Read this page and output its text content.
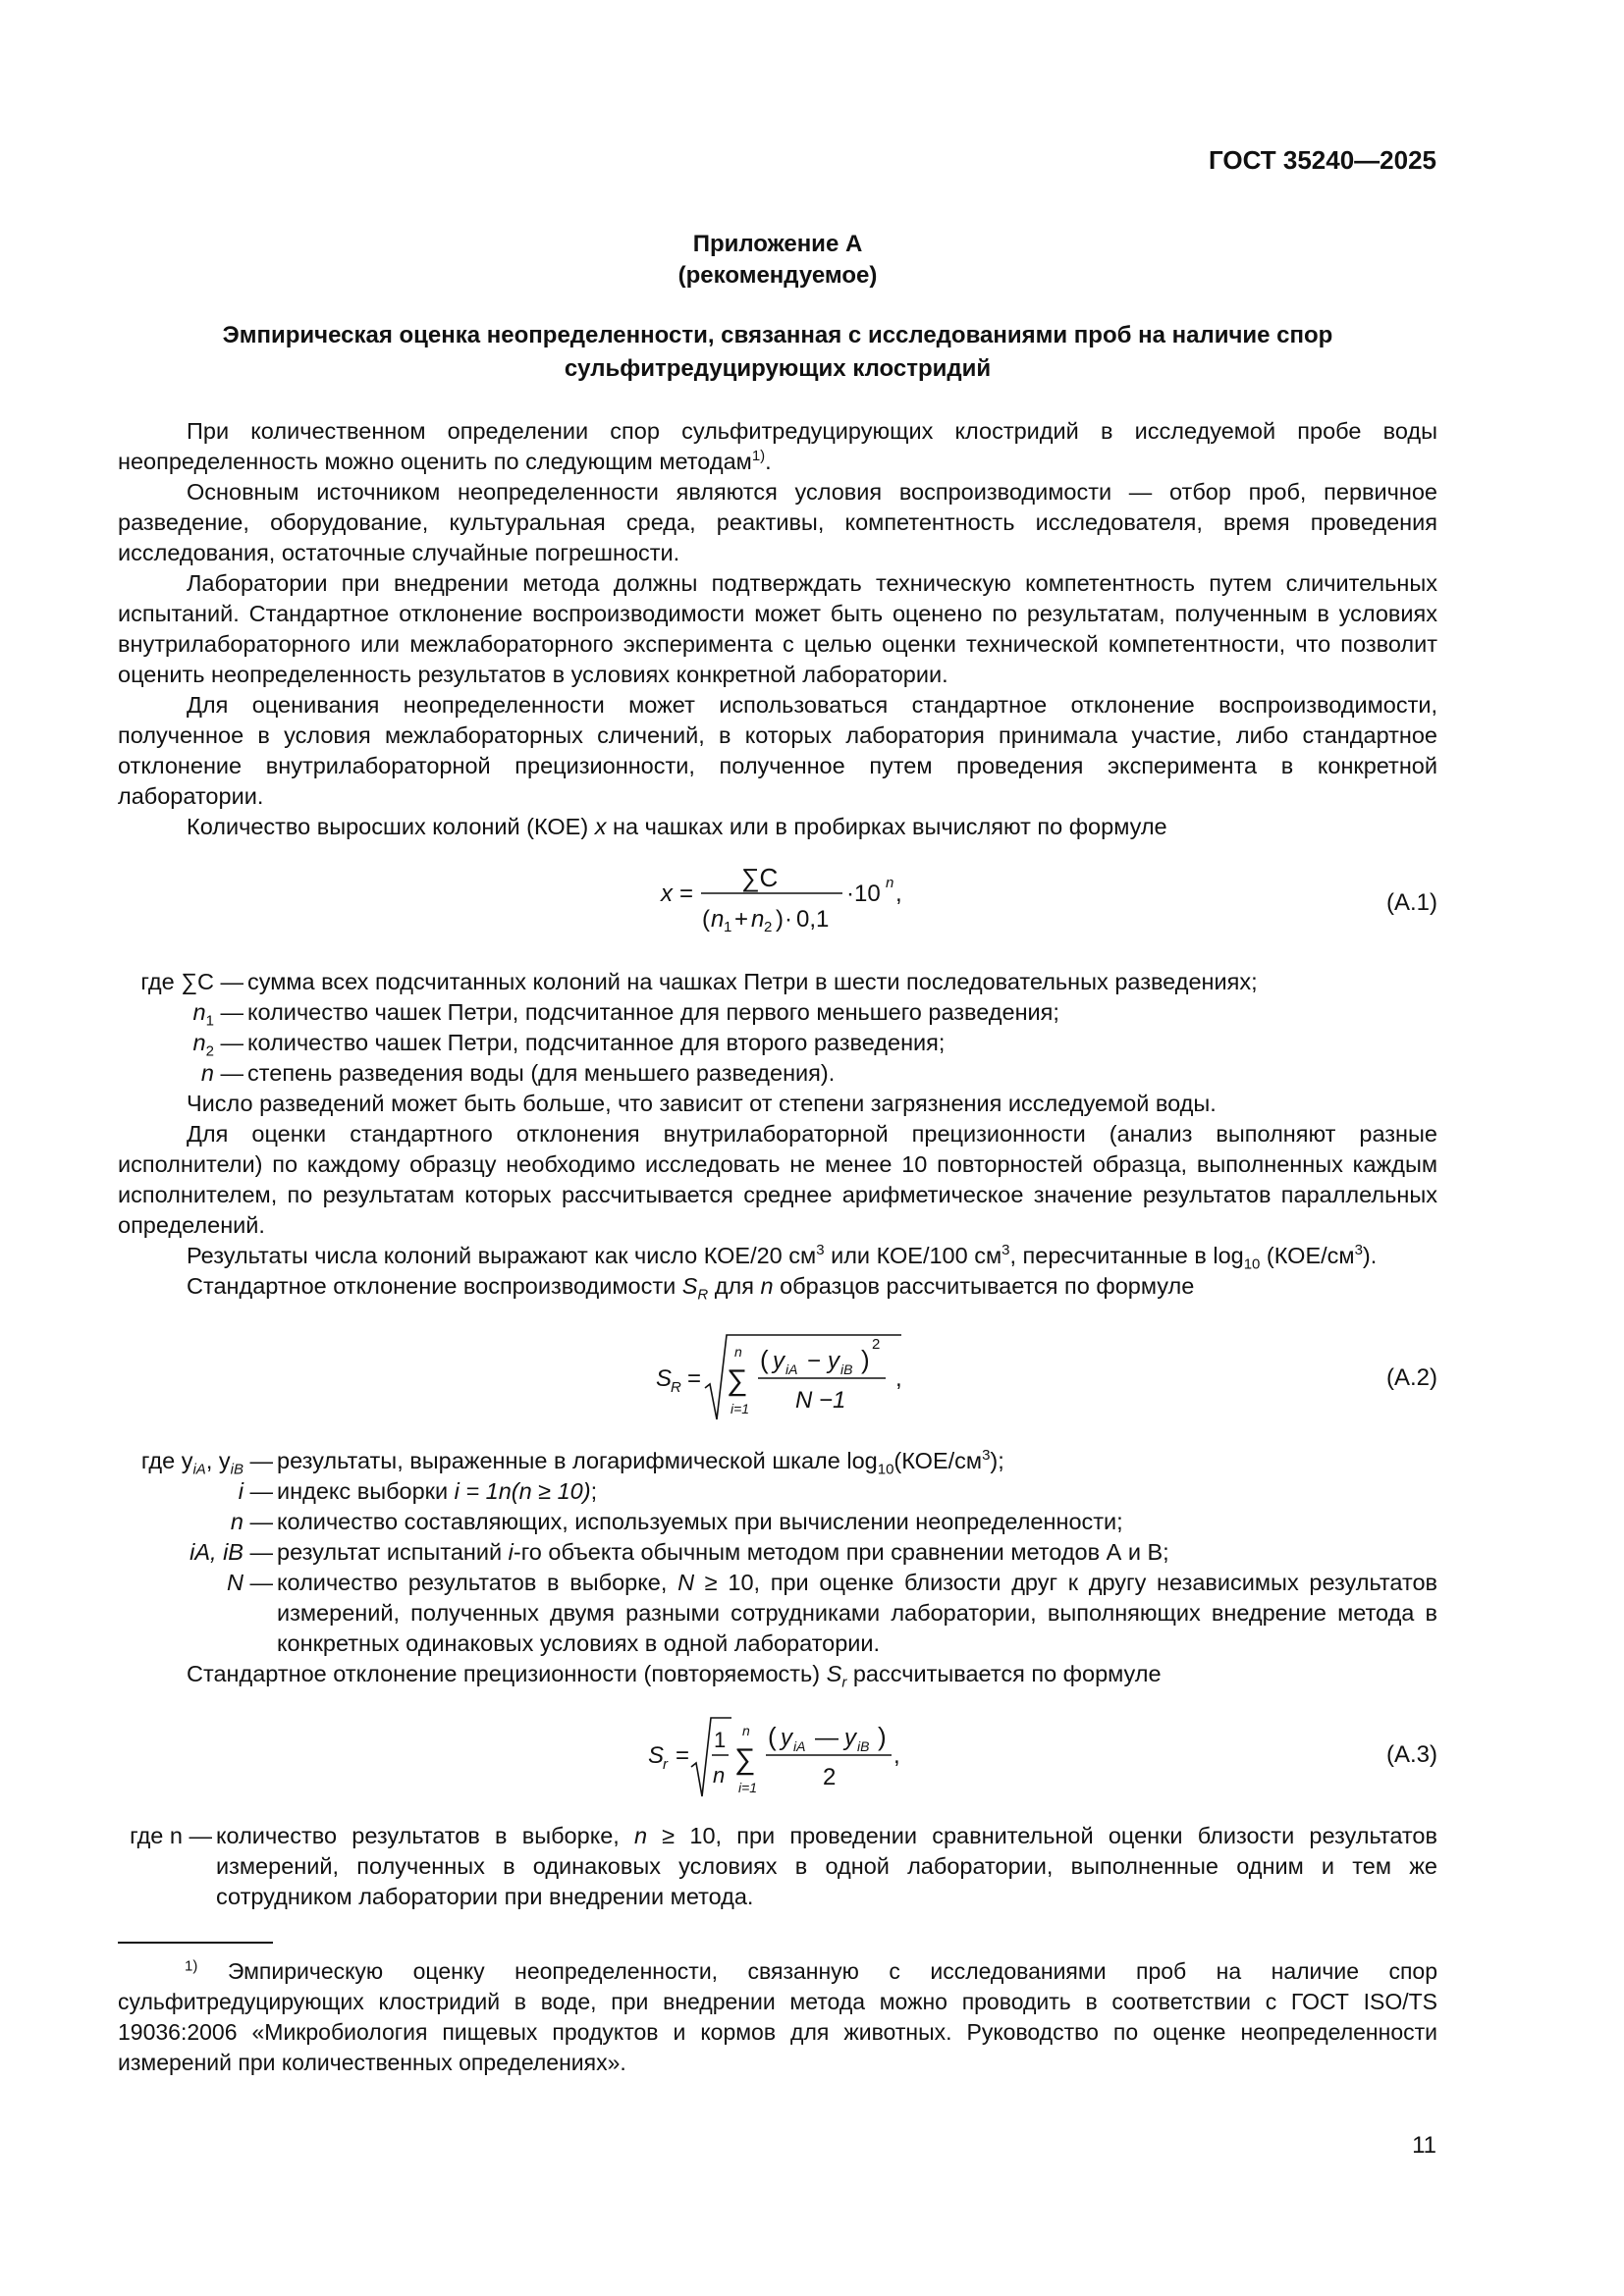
ГОСТ 35240—2025
Приложение А
(рекомендуемое)
Эмпирическая оценка неопределенности, связанная с исследованиями проб на наличие спор
сульфитредуцирующих клостридий

При количественном определении спор сульфитредуцирующих клостридий в исследуемой пробе воды неопределенность можно оценить по следующим методам$^{1)}$.

Основным источником неопределенности являются условия воспроизводимости — отбор проб, первичное разведение, оборудование, культуральная среда, реактивы, компетентность исследователя, время проведения исследования, остаточные случайные погрешности.

Лаборатории при внедрении метода должны подтверждать техническую компетентность путем сличительных испытаний. Стандартное отклонение воспроизводимости может быть оценено по результатам, полученным в условиях внутрилабораторного или межлабораторного эксперимента с целью оценки технической компетентности, что позволит оценить неопределенность результатов в условиях конкретной лаборатории.

Для оценивания неопределенности может использоваться стандартное отклонение воспроизводимости, полученное в условия межлабораторных сличений, в которых лаборатория принимала участие, либо стандартное отклонение внутрилабораторной прецизионности, полученное путем проведения эксперимента в конкретной лаборатории.

Количество выросших колоний (КОЕ) x на чашках или в пробирках вычисляют по формуле

x =
∑C
( n 1 + n 2 ) · 0,1
·10 n ,	(A.1)
где ∑C — сумма всех подсчитанных колоний на чашках Петри в шести последовательных разведениях;
$n_1$ — количество чашек Петри, подсчитанное для первого меньшего разведения;
$n_2$ — количество чашек Петри, подсчитанное для второго разведения;
n — степень разведения воды (для меньшего разведения).

Число разведений может быть больше, что зависит от степени загрязнения исследуемой воды.

Для оценки стандартного отклонения внутрилабораторной прецизионности (анализ выполняют разные исполнители) по каждому образцу необходимо исследовать не менее 10 повторностей образца, выполненных каждым исполнителем, по результатам которых рассчитывается среднее арифметическое значение результатов параллельных определений.

Результаты числа колоний выражают как число КОЕ/20 $см^3$ или КОЕ/100 $см^3$, пересчитанные в $\log_{10} (КОЕ/см^3)$.

Стандартное отклонение воспроизводимости $S_R$ для n образцов рассчитывается по формуле

S
R =
n
∑
i=1
( y iA − y iB )
2
N −1
,	(A.2)
где $y_{iA}$, $y_{iB}$ — результаты, выраженные в логарифмической шкале $\log_{10}(КОЕ/см^3)$;
i — индекс выборки i = 1n(n ≥ 10);
n — количество составляющих, используемых при вычислении неопределенности;
iA, iB — результат испытаний i-го объекта обычным методом при сравнении методов А и В;
N — количество результатов в выборке, N ≥ 10, при оценке близости друг к другу независимых результатов измерений, полученных двумя разными сотрудниками лаборатории, выполняющих внедрение метода в конкретных одинаковых условиях в одной лаборатории.

Стандартное отклонение прецизионности (повторяемость) $S_r$ рассчитывается по формуле

S
r =
1
n
n
∑
i=1
( y iA — y iB )
2
,	(A.3)
где n — количество результатов в выборке, n ≥ 10, при проведении сравнительной оценки близости результатов измерений, полученных в одинаковых условиях в одной лаборатории, выполненные одним и тем же сотрудником лаборатории при внедрении метода.
$^{1)}$ Эмпирическую оценку неопределенности, связанную с исследованиями проб на наличие спор сульфитредуцирующих клостридий в воде, при внедрении метода можно проводить в соответствии с ГОСТ ISO/TS 19036:2006 «Микробиология пищевых продуктов и кормов для животных. Руководство по оценке неопределенности измерений при количественных определениях».
11
